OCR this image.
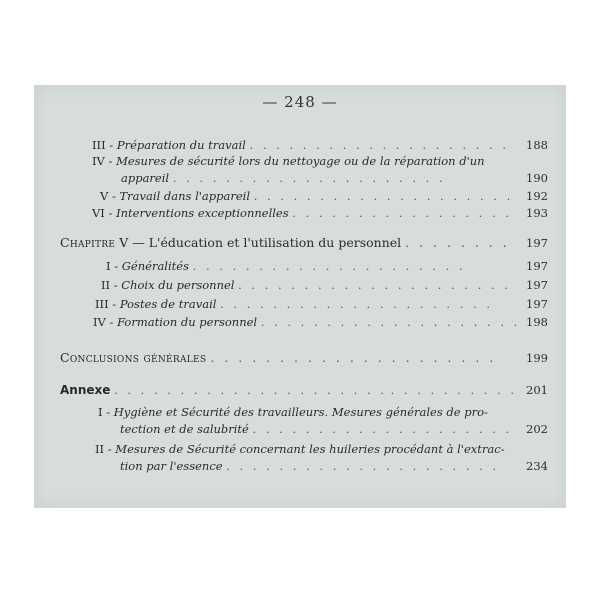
— 248 —
III - Préparation du travail . . . . . . . . . . . . . . . . . . . . 188
IV - Mesures de sécurité lors du nettoyage ou de la réparation d'un
appareil . . . . . . . . . . . . . . . . . . . . .	190
V - Travail dans l'appareil . . . . . . . . . . . . . . . . . . . . 192
VI - Interventions exceptionnelles . . . . . . . . . . . . . . . . . 193
Chapitre V — L'éducation et l'utilisation du personnel . . . . . . . . 197
I - Généralités . . . . . . . . . . . . . . . . . . . . .	197
II - Choix du personnel . . . . . . . . . . . . . . . . . . . . . 197
III - Postes de travail . . . . . . . . . . . . . . . . . . . . .	197
IV - Formation du personnel . . . . . . . . . . . . . . . . . . . . 198
Conclusions générales . . . . . . . . . . . . . . . . . . . . .	199
Annexe . . . . . . . . . . . . . . . . . . . . . . . . . . . . . . . 201
I - Hygiène et Sécurité des travailleurs. Mesures générales de pro-
tection et de salubrité . . . . . . . . . . . . . . . . . . . . 202
II - Mesures de Sécurité concernant les huileries procédant à l'extrac-
tion par l'essence . . . . . . . . . . . . . . . . . . . . . 234
